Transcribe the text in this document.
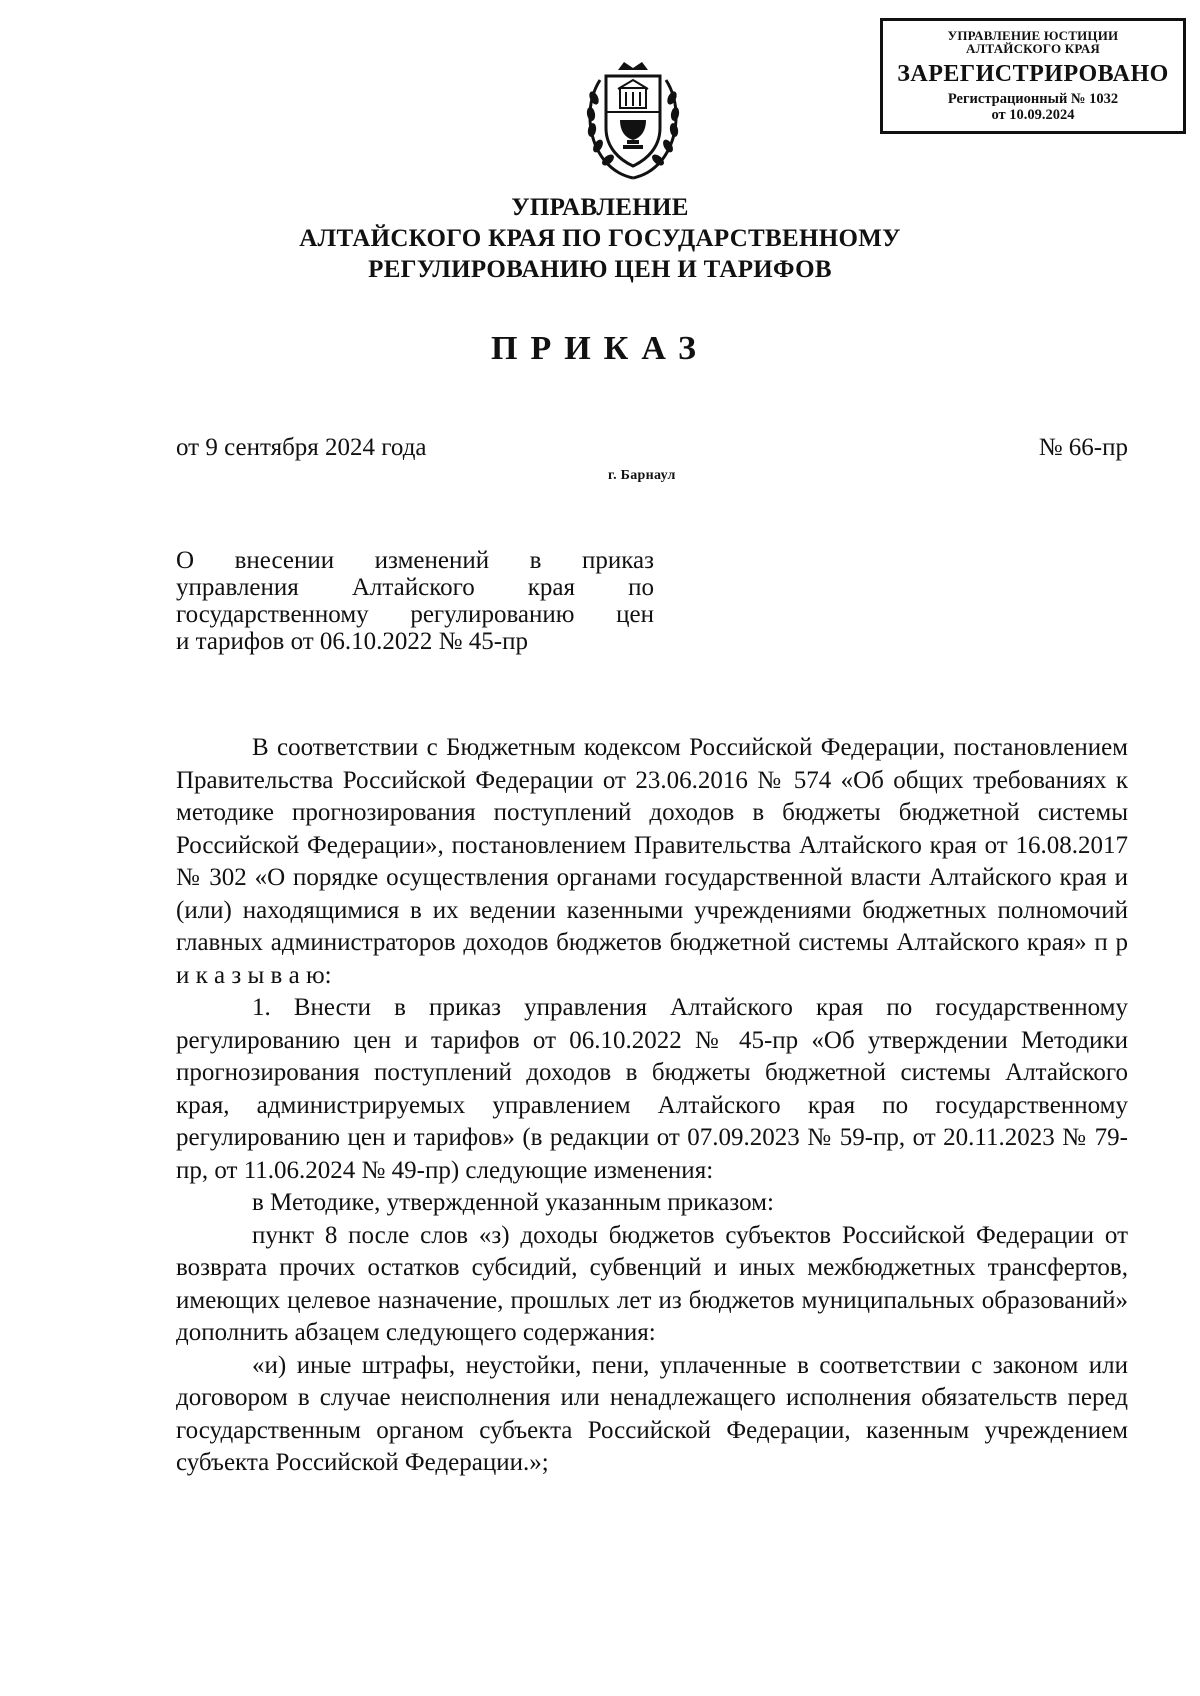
УПРАВЛЕНИЕ ЮСТИЦИИ
АЛТАЙСКОГО КРАЯ
ЗАРЕГИСТРИРОВАНО
Регистрационный № 1032
от 10.09.2024
УПРАВЛЕНИЕ
АЛТАЙСКОГО КРАЯ ПО ГОСУДАРСТВЕННОМУ
РЕГУЛИРОВАНИЮ ЦЕН И ТАРИФОВ
ПРИКАЗ
от 9 сентября 2024 года	№ 66-пр
г. Барнаул
О внесении изменений в приказ
управления Алтайского края по
государственному регулированию цен
и тарифов от 06.10.2022 № 45-пр

В соответствии с Бюджетным кодексом Российской Федерации, постановлением Правительства Российской Федерации от 23.06.2016 № 574 «Об общих требованиях к методике прогнозирования поступлений доходов в бюджеты бюджетной системы Российской Федерации», постановлением Правительства Алтайского края от 16.08.2017 № 302 «О порядке осуществления органами государственной власти Алтайского края и (или) находящимися в их ведении казенными учреждениями бюджетных полномочий главных администраторов доходов бюджетов бюджетной системы Алтайского края» п р и к а з ы в а ю:

1. Внести в приказ управления Алтайского края по государственному регулированию цен и тарифов от 06.10.2022 № 45-пр «Об утверждении Методики прогнозирования поступлений доходов в бюджеты бюджетной системы Алтайского края, администрируемых управлением Алтайского края по государственному регулированию цен и тарифов» (в редакции от 07.09.2023 № 59-пр, от 20.11.2023 № 79-пр, от 11.06.2024 № 49-пр) следующие изменения:

в Методике, утвержденной указанным приказом:

пункт 8 после слов «з) доходы бюджетов субъектов Российской Федерации от возврата прочих остатков субсидий, субвенций и иных межбюджетных трансфертов, имеющих целевое назначение, прошлых лет из бюджетов муниципальных образований» дополнить абзацем следующего содержания:

«и) иные штрафы, неустойки, пени, уплаченные в соответствии с законом или договором в случае неисполнения или ненадлежащего исполнения обязательств перед государственным органом субъекта Российской Федерации, казенным учреждением субъекта Российской Федерации.»;
